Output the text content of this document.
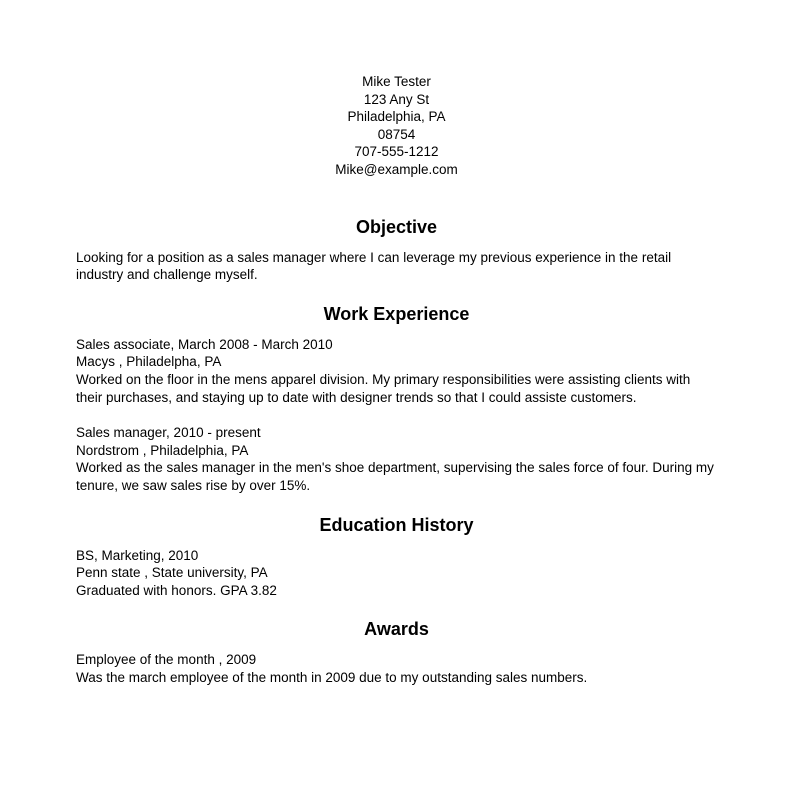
Mike Tester
123 Any St
Philadelphia, PA
08754
707-555-1212
Mike@example.com
Objective
Looking for a position as a sales manager where I can leverage my previous experience in the retail industry and challenge myself.
Work Experience
Sales associate, March 2008 - March 2010
Macys , Philadelpha, PA
Worked on the floor in the mens apparel division. My primary responsibilities were assisting clients with their purchases, and staying up to date with designer trends so that I could assiste customers.
Sales manager, 2010 - present
Nordstrom , Philadelphia, PA
Worked as the sales manager in the men's shoe department, supervising the sales force of four. During my tenure, we saw sales rise by over 15%.
Education History
BS, Marketing, 2010
Penn state , State university, PA
Graduated with honors. GPA 3.82
Awards
Employee of the month , 2009
Was the march employee of the month in 2009 due to my outstanding sales numbers.
